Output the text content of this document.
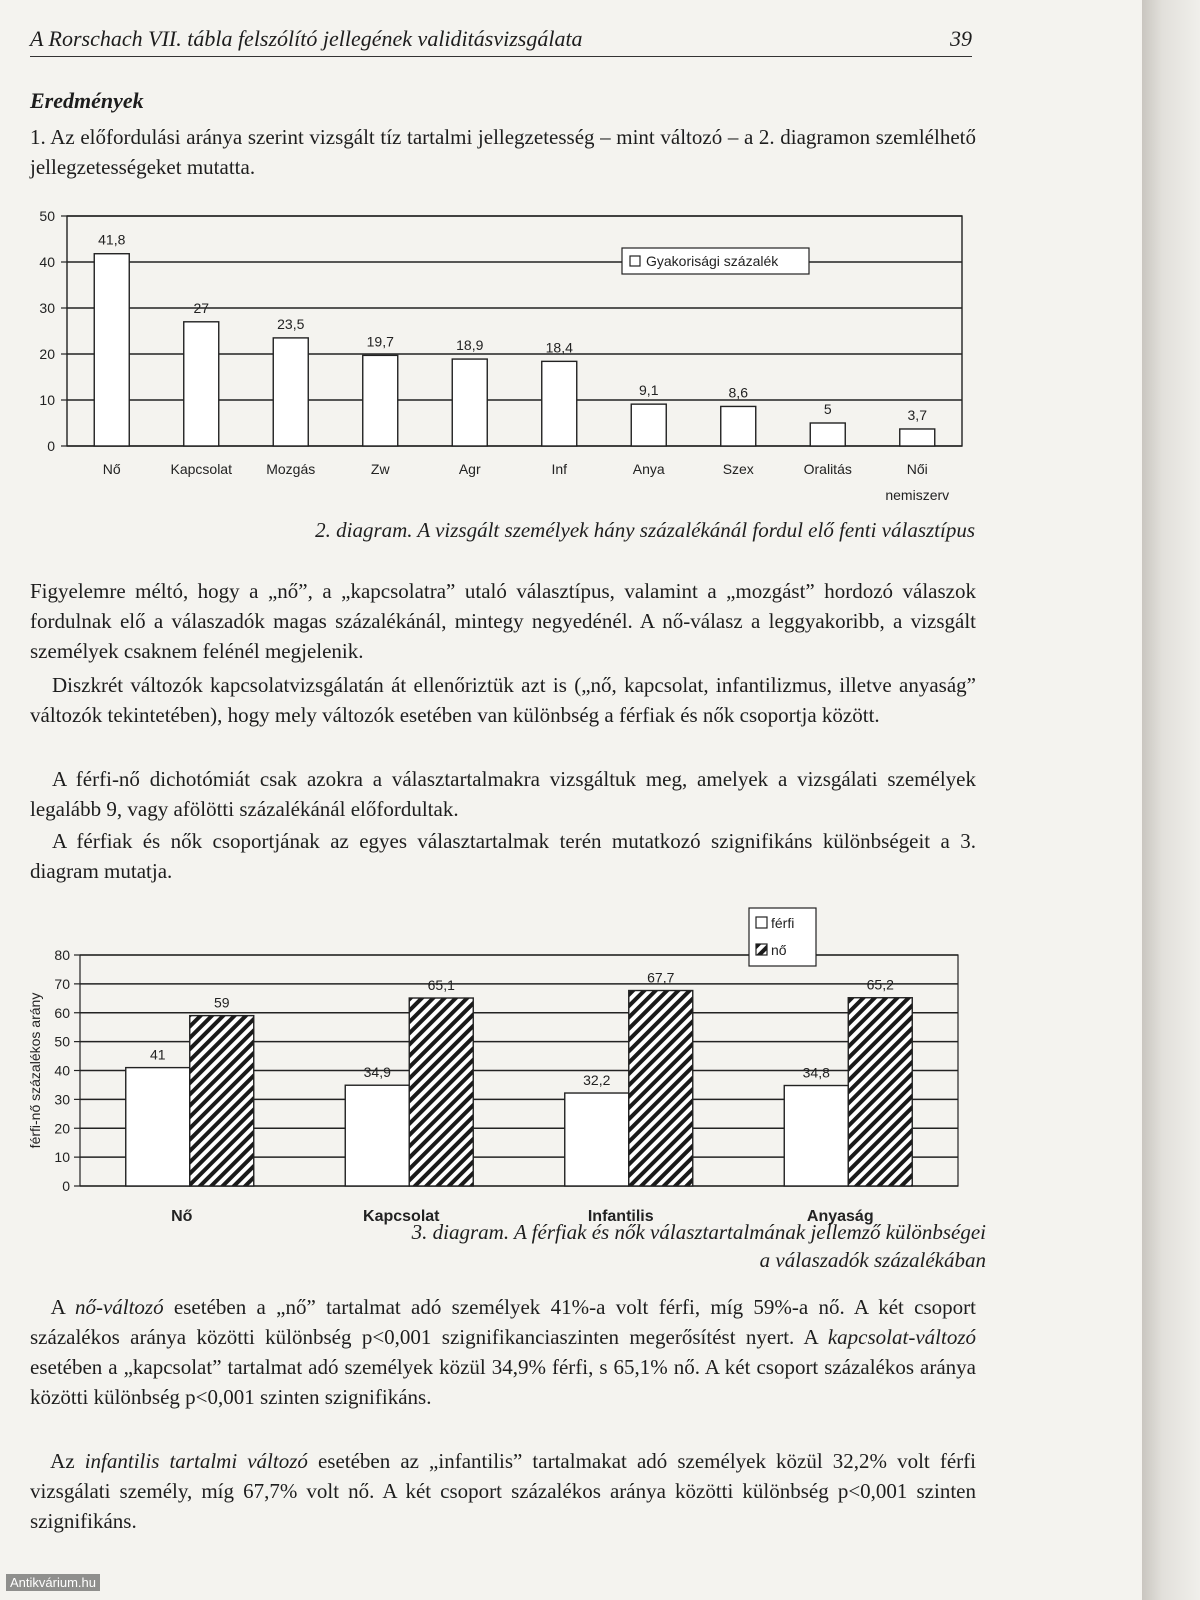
A Rorschach VII. tábla felszólító jellegének validitásvizsgálata	39
Eredmények

1. Az előfordulási aránya szerint vizsgált tíz tartalmi jellegzetesség – mint változó – a 2. diagramon szemlélhető jellegzetességeket mutatta.

0
10
20
30
40
50
41,8
Nő
27
Kapcsolat
23,5
Mozgás
19,7
Zw
18,9
Agr
18,4
Inf
9,1
Anya
8,6
Szex
5
Oralitás
3,7
Női
nemiszerv
Gyakorisági százalék
2. diagram. A vizsgált személyek hány százalékánál fordul elő fenti választípus

Figyelemre méltó, hogy a „nő”, a „kapcsolatra” utaló választípus, valamint a „mozgást” hordozó válaszok fordulnak elő a válaszadók magas százalékánál, mintegy negyedénél. A nő-válasz a leggyakoribb, a vizsgált személyek csaknem felénél megjelenik.

Diszkrét változók kapcsolatvizsgálatán át ellenőriztük azt is („nő, kapcsolat, infantilizmus, illetve anyaság” változók tekintetében), hogy mely változók esetében van különbség a férfiak és nők csoportja között.

A férfi-nő dichotómiát csak azokra a választartalmakra vizsgáltuk meg, amelyek a vizsgálati személyek legalább 9, vagy afölötti százalékánál előfordultak.

A férfiak és nők csoportjának az egyes választartalmak terén mutatkozó szignifikáns különbségeit a 3. diagram mutatja.

0
10
20
30
40
50
60
70
80
férfi-nő százalékos arány	41
59
Nő
34,9
65,1
Kapcsolat
32,2
67,7
Infantilis
34,8
65,2
Anyaság
férfi
nő
3. diagram. A férfiak és nők választartalmának jellemző különbségei
a válaszadók százalékában

A nő-változó esetében a „nő” tartalmat adó személyek 41%-a volt férfi, míg 59%-a nő. A két csoport százalékos aránya közötti különbség p<0,001 szignifikanciaszinten megerősítést nyert. A kapcsolat-változó esetében a „kapcsolat” tartalmat adó személyek közül 34,9% férfi, s 65,1% nő. A két csoport százalékos aránya közötti különbség p<0,001 szinten szignifikáns.

Az infantilis tartalmi változó esetében az „infantilis” tartalmakat adó személyek közül 32,2% volt férfi vizsgálati személy, míg 67,7% volt nő. A két csoport százalékos aránya közötti különbség p<0,001 szinten szignifikáns.

Antikvárium.hu
